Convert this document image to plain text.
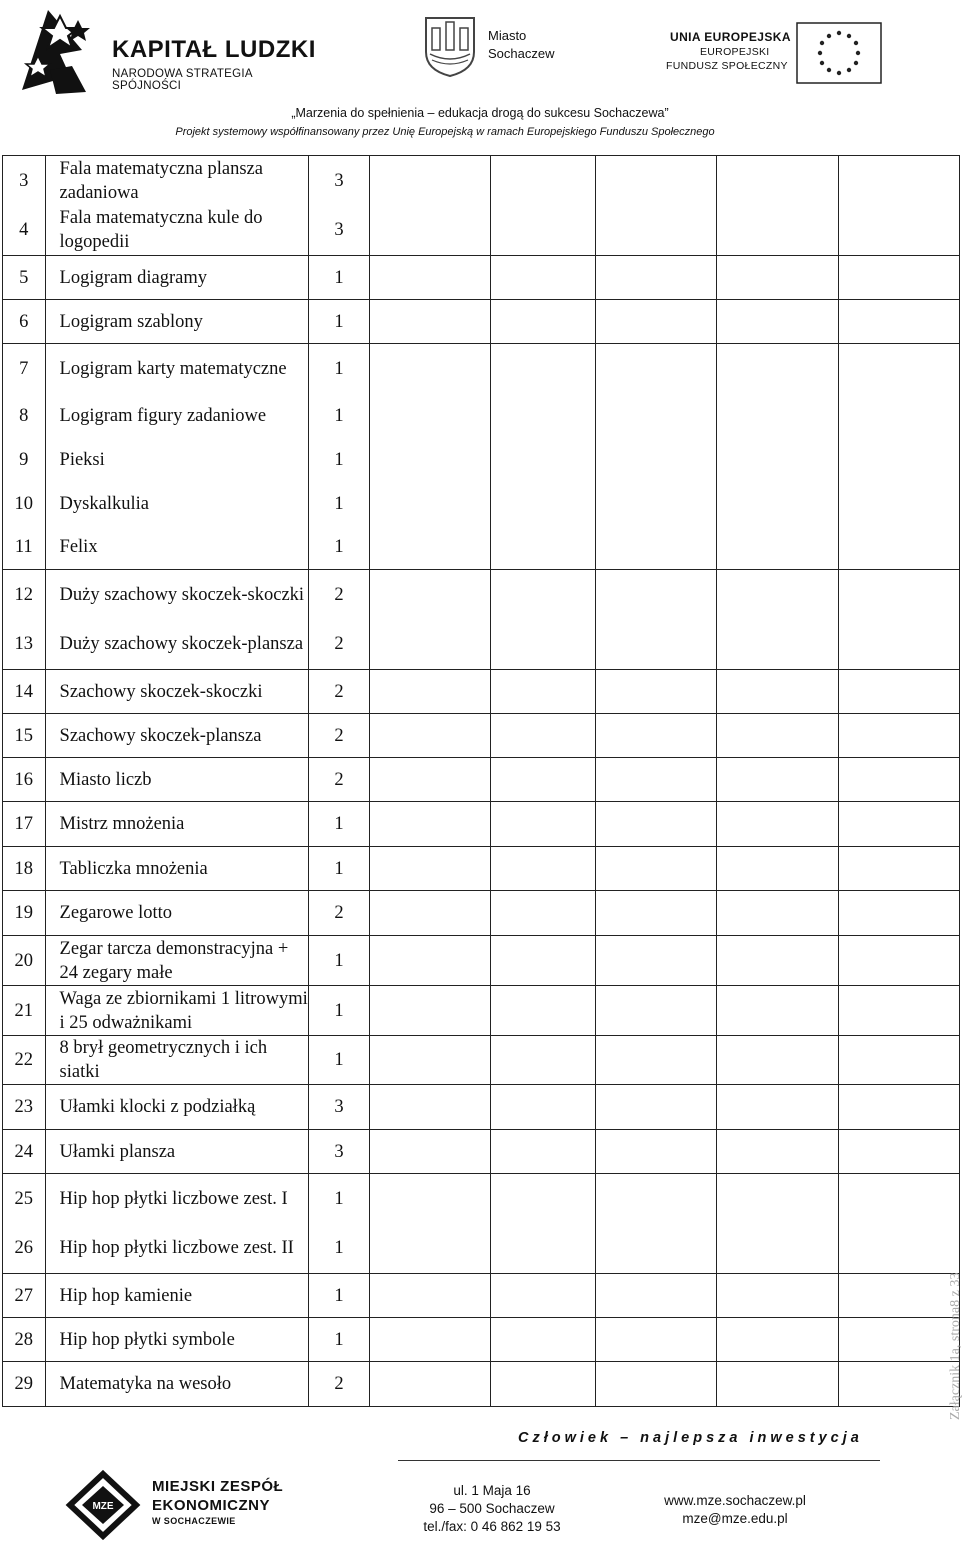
KAPITAŁ LUDZKI
NARODOWA STRATEGIA SPÓJNOŚCI
Miasto
Sochaczew
UNIA EUROPEJSKA
EUROPEJSKI
FUNDUSZ SPOŁECZNY
„Marzenia do spełnienia – edukacja drogą do sukcesu Sochaczewa”
Projekt systemowy współfinansowany przez Unię Europejską w ramach Europejskiego Funduszu Społecznego
3	Fala matematyczna plansza zadaniowa	3					
4	Fala matematyczna kule do logopedii	3					
5	Logigram diagramy	1					
6	Logigram szablony	1					
7	Logigram karty matematyczne	1					
8	Logigram figury zadaniowe	1					
9	Pieksi	1					
10	Dyskalkulia	1					
11	Felix	1					
12	Duży szachowy skoczek-skoczki	2					
13	Duży szachowy skoczek-plansza	2					
14	Szachowy skoczek-skoczki	2					
15	Szachowy skoczek-plansza	2					
16	Miasto liczb	2					
17	Mistrz mnożenia	1					
18	Tabliczka mnożenia	1					
19	Zegarowe lotto	2					
20	Zegar tarcza demonstracyjna + 24 zegary małe	1					
21	Waga ze zbiornikami 1 litrowymi i 25 odważnikami	1					
22	8 brył geometrycznych i ich siatki	1					
23	Ułamki klocki z podziałką	3					
24	Ułamki plansza	3					
25	Hip hop płytki liczbowe zest. I	1					
26	Hip hop płytki liczbowe zest. II	1					
27	Hip hop kamienie	1					
28	Hip hop płytki symbole	1					
29	Matematyka na wesoło	2						Załącznik 1a, strona8 z 33
Człowiek – najlepsza inwestycja
MZE
MIEJSKI ZESPÓŁ
EKONOMICZNY
W SOCHACZEWIE
ul. 1 Maja 16
96 – 500 Sochaczew
tel./fax: 0 46 862 19 53
www.mze.sochaczew.pl
mze@mze.edu.pl
